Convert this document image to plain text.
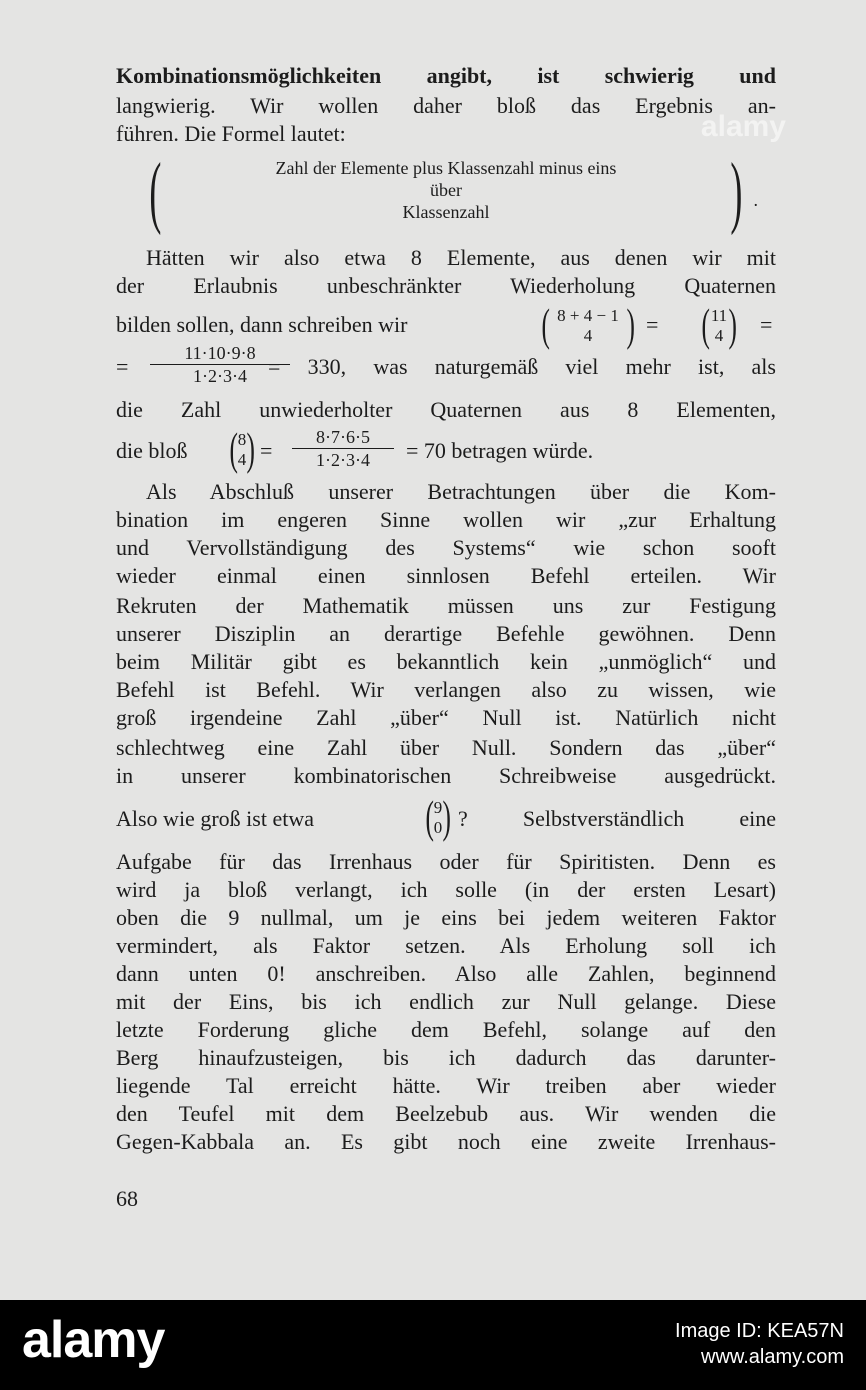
alamy
Kombinationsmöglichkeiten angibt, ist schwierig und
langwierig. Wir wollen daher bloß das Ergebnis an-
führen. Die Formel lautet:
(	Zahl der Elemente plus Klassenzahl minus eins
über
Klassenzahl	) .
Hätten wir also etwa 8 Elemente, aus denen wir mit
der Erlaubnis unbeschränkter Wiederholung Quaternen
bilden sollen, dann schreiben wir	( 8 + 4 − 1
4 ) = ( 11
4 ) =
= $\frac{11\cdot 10\cdot 9\cdot 8}{1\cdot 2\cdot 3\cdot 4}$
= 330, was naturgemäß viel mehr ist, als
die Zahl unwiederholter Quaternen aus 8 Elementen,
die bloß ( 8
4 ) = $\frac{8\cdot 7\cdot 6\cdot 5}{1\cdot 2\cdot 3\cdot 4} = 70$ betragen würde.
Als Abschluß unserer Betrachtungen über die Kom-
bination im engeren Sinne wollen wir „zur Erhaltung
und Vervollständigung des Systems“ wie schon sooft
wieder einmal einen sinnlosen Befehl erteilen. Wir
Rekruten der Mathematik müssen uns zur Festigung
unserer Disziplin an derartige Befehle gewöhnen. Denn
beim Militär gibt es bekanntlich kein „unmöglich“ und
Befehl ist Befehl. Wir verlangen also zu wissen, wie
groß irgendeine Zahl „über“ Null ist. Natürlich nicht
schlechtweg eine Zahl über Null. Sondern das „über“
in unserer kombinatorischen Schreibweise ausgedrückt.
Also wie groß ist etwa ( 9
0 ) ? Selbstverständlich eine
Aufgabe für das Irrenhaus oder für Spiritisten. Denn es
wird ja bloß verlangt, ich solle (in der ersten Lesart)
oben die 9 nullmal, um je eins bei jedem weiteren Faktor
vermindert, als Faktor setzen. Als Erholung soll ich
dann unten 0! anschreiben. Also alle Zahlen, beginnend
mit der Eins, bis ich endlich zur Null gelange. Diese
letzte Forderung gliche dem Befehl, solange auf den
Berg hinaufzusteigen, bis ich dadurch das darunter-
liegende Tal erreicht hätte. Wir treiben aber wieder
den Teufel mit dem Beelzebub aus. Wir wenden die
Gegen-Kabbala an. Es gibt noch eine zweite Irrenhaus-
68
alamy	Image ID: KEA57N
www.alamy.com
